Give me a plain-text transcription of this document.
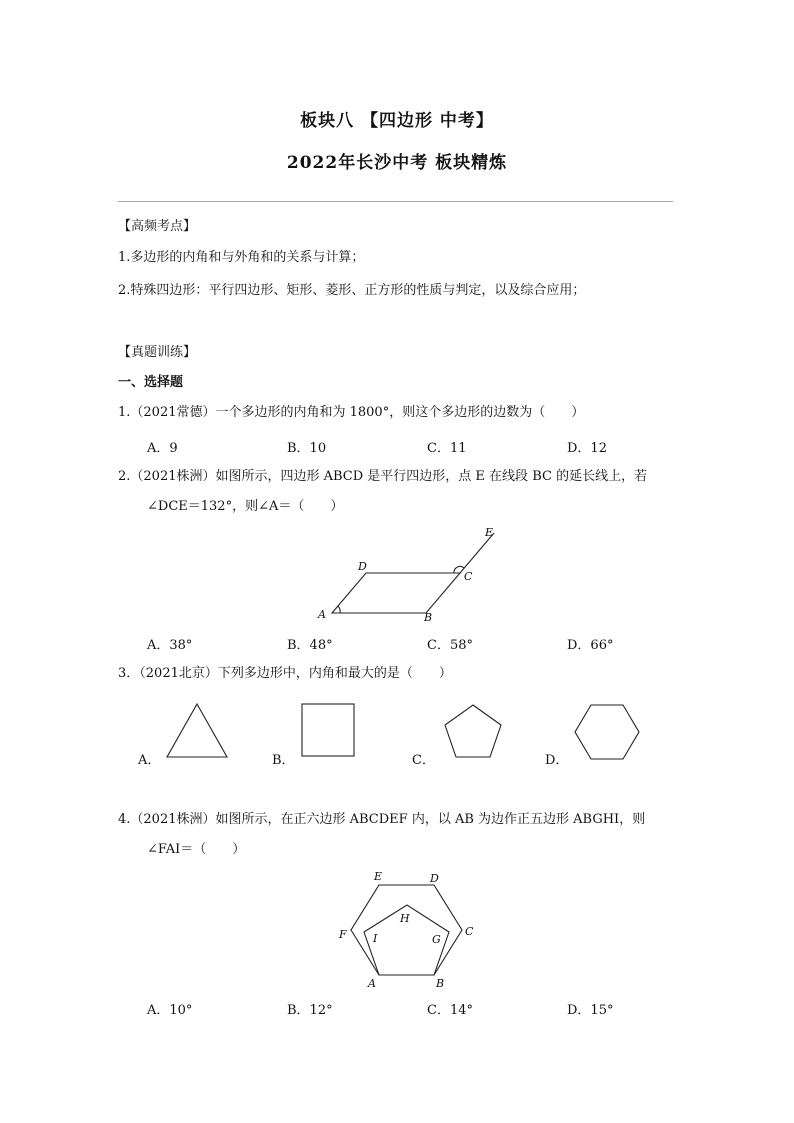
板块八 【四边形 中考】
2022年长沙中考 板块精炼
【高频考点】
1.多边形的内角和与外角和的关系与计算；
2.特殊四边形：平行四边形、矩形、菱形、正方形的性质与判定，以及综合应用；
【真题训练】
一、选择题
1.（2021常德）一个多边形的内角和为 1800°，则这个多边形的边数为（　　）
A．9	B．10	C．11	D．12
2.（2021株洲）如图所示，四边形 ABCD 是平行四边形，点 E 在线段 BC 的延长线上，若
∠DCE＝132°，则∠A＝（　　）
A	B
C
D
E
A．38°	B．48°	C．58°	D．66°
3．（2021北京）下列多边形中，内角和最大的是（　　）
A．	B．	C．	D．
4.（2021株洲）如图所示，在正六边形 ABCDEF 内，以 AB 为边作正五边形 ABGHI，则
∠FAI＝（　　）
A	B
C
D
E
F	G
H
I
A．10°	B．12°	C．14°	D．15°
